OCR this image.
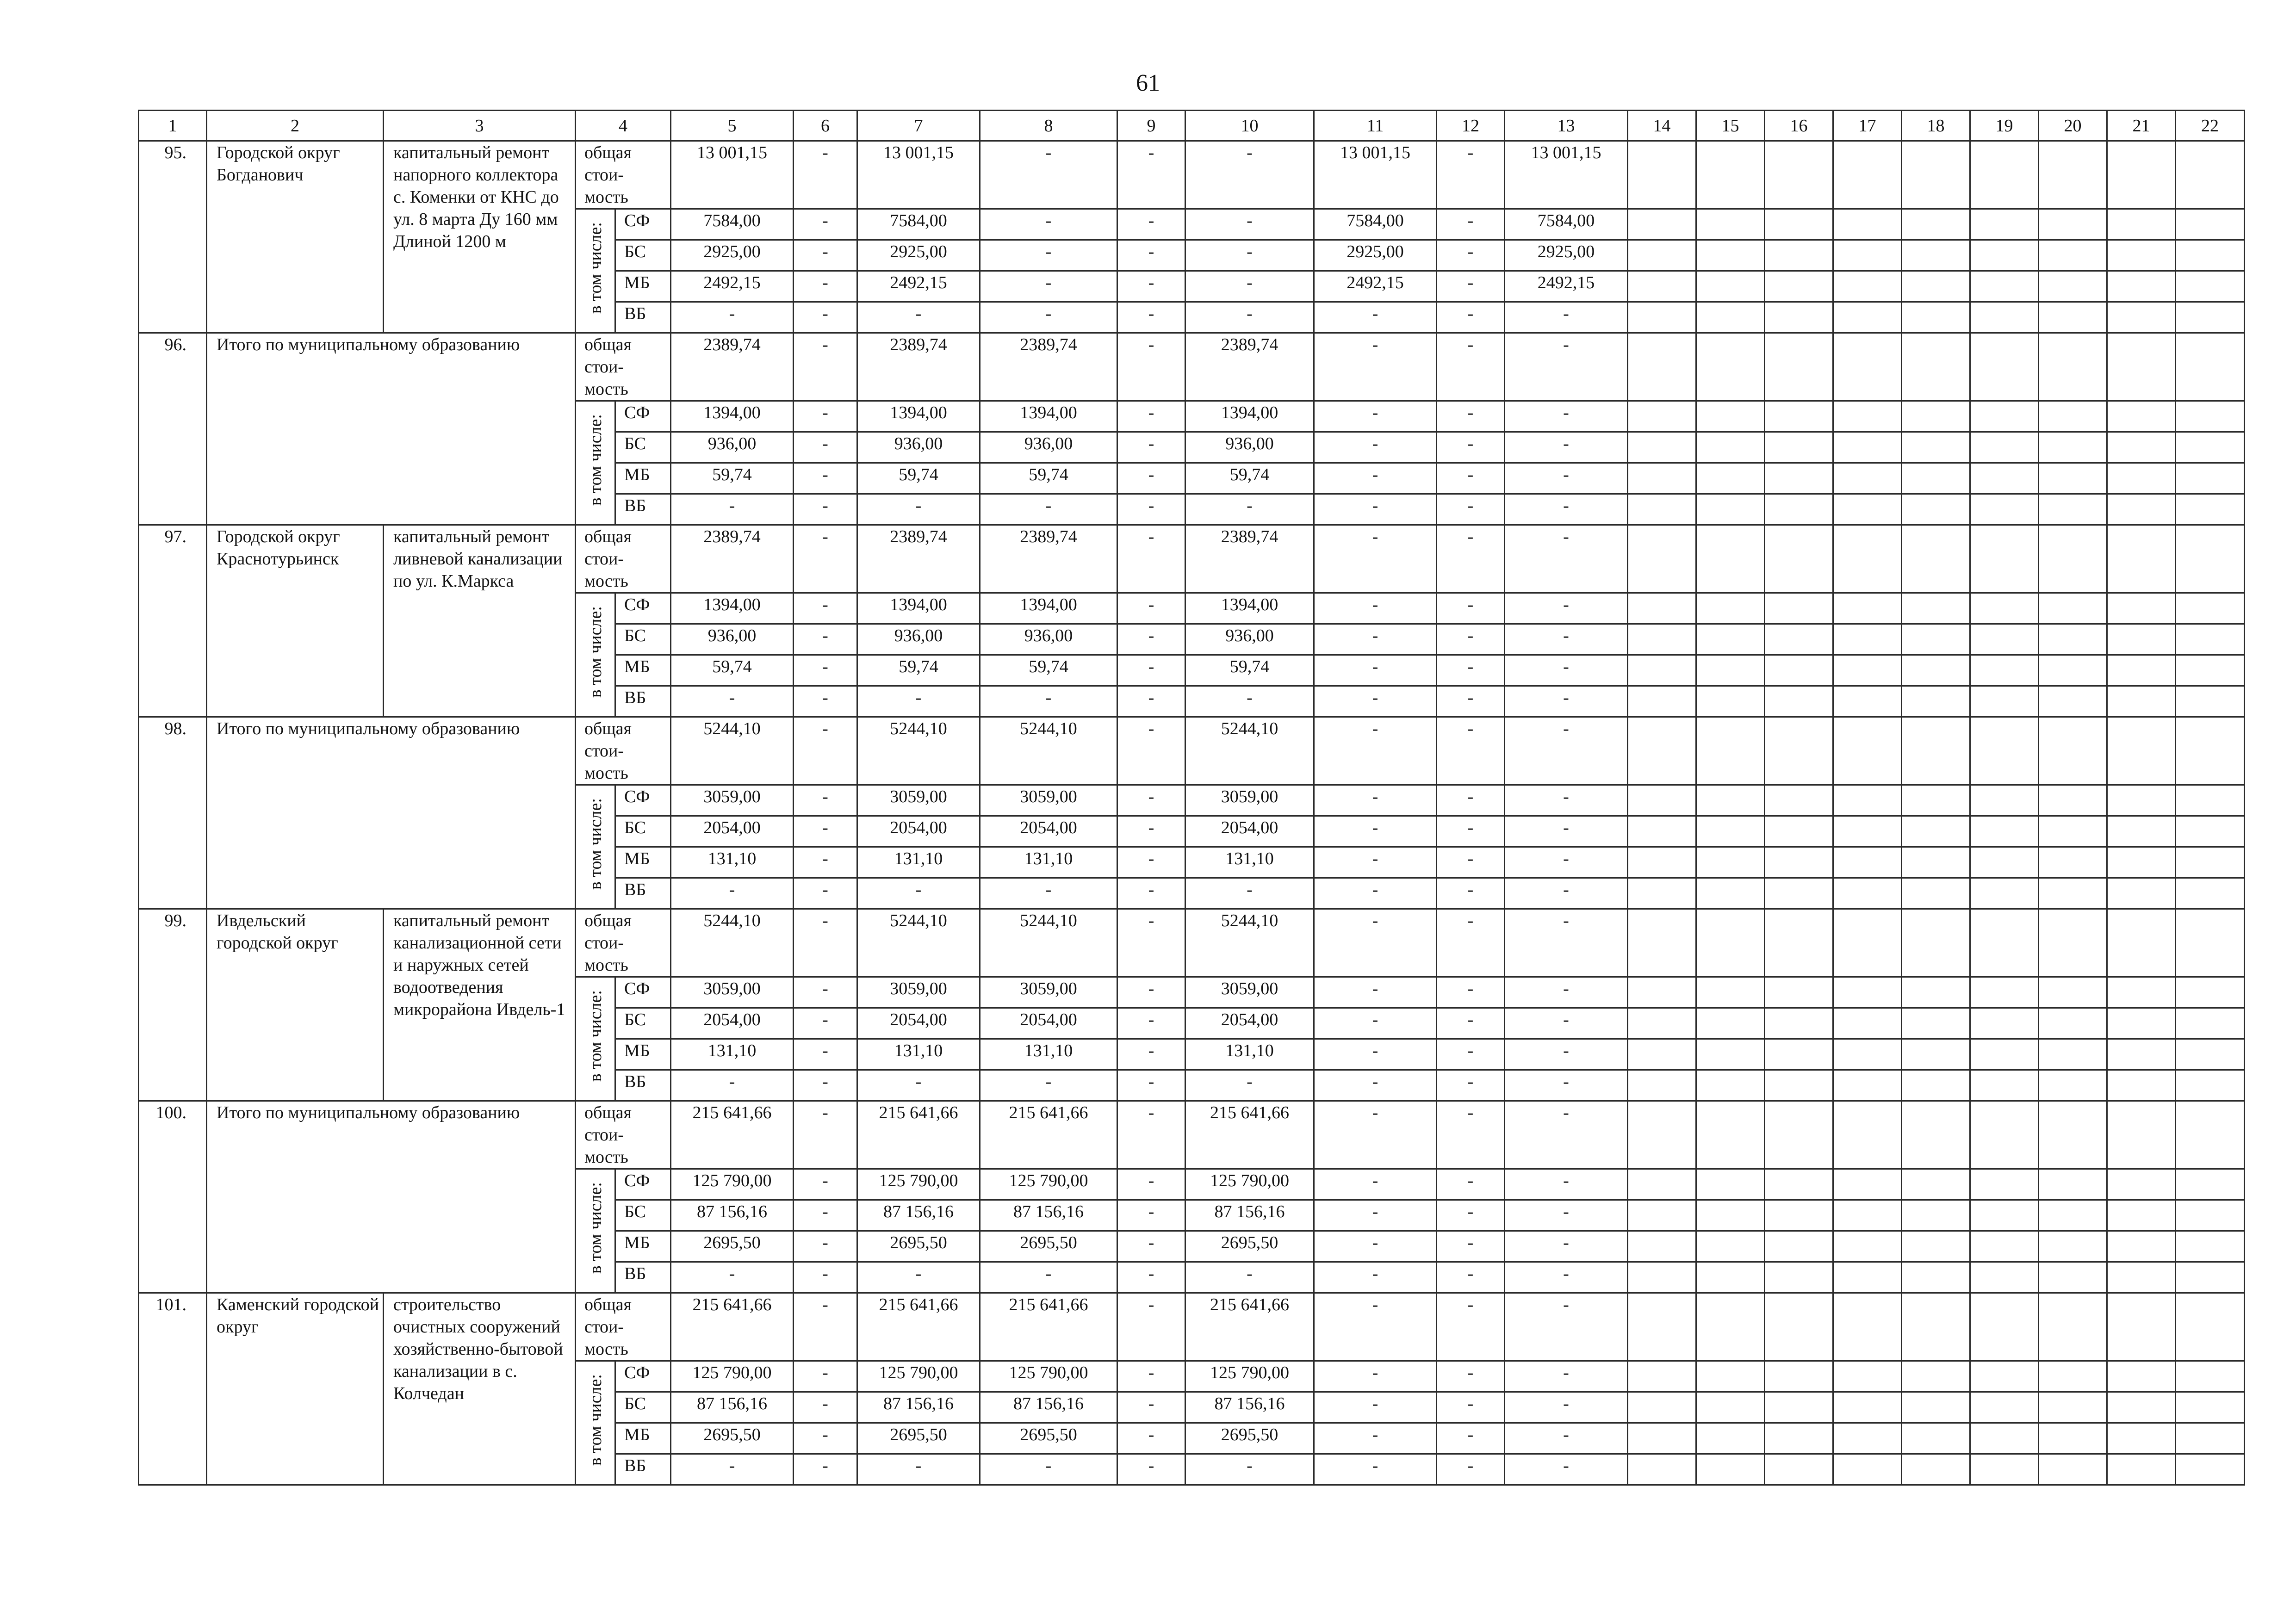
61
1	2	3	4		5	6	7	8	9	10	11	12	13	14	15	16	17	18	19	20	21	22
95.	Городской округ Богданович	капитальный ремонт напорного коллектора с. Коменки от КНС до ул. 8 марта Ду 160 мм Длиной 1200 м	общая стои-мость		13 001,15	-	13 001,15	-	-	-	13 001,15	-	13 001,15									
			в том числе:	СФ	7584,00	-	7584,00	-	-	-	7584,00	-	7584,00									
				БС	2925,00	-	2925,00	-	-	-	2925,00	-	2925,00									
				МБ	2492,15	-	2492,15	-	-	-	2492,15	-	2492,15									
				ВБ	-	-	-	-	-	-	-	-	-									
96.	Итого по муниципальному образованию		общая стои-мость		2389,74	-	2389,74	2389,74	-	2389,74	-	-	-									
			в том числе:	СФ	1394,00	-	1394,00	1394,00	-	1394,00	-	-	-									
				БС	936,00	-	936,00	936,00	-	936,00	-	-	-									
				МБ	59,74	-	59,74	59,74	-	59,74	-	-	-									
				ВБ	-	-	-	-	-	-	-	-	-									
97.	Городской округ Краснотурьинск	капитальный ремонт ливневой канализации по ул. К.Маркса	общая стои-мость		2389,74	-	2389,74	2389,74	-	2389,74	-	-	-									
			в том числе:	СФ	1394,00	-	1394,00	1394,00	-	1394,00	-	-	-									
				БС	936,00	-	936,00	936,00	-	936,00	-	-	-									
				МБ	59,74	-	59,74	59,74	-	59,74	-	-	-									
				ВБ	-	-	-	-	-	-	-	-	-									
98.	Итого по муниципальному образованию		общая стои-мость		5244,10	-	5244,10	5244,10	-	5244,10	-	-	-									
			в том числе:	СФ	3059,00	-	3059,00	3059,00	-	3059,00	-	-	-									
				БС	2054,00	-	2054,00	2054,00	-	2054,00	-	-	-									
				МБ	131,10	-	131,10	131,10	-	131,10	-	-	-									
				ВБ	-	-	-	-	-	-	-	-	-									
99.	Ивдельский городской округ	капитальный ремонт канализационной сети и наружных сетей водоотведения микрорайона Ивдель-1	общая стои-мость		5244,10	-	5244,10	5244,10	-	5244,10	-	-	-									
			в том числе:	СФ	3059,00	-	3059,00	3059,00	-	3059,00	-	-	-									
				БС	2054,00	-	2054,00	2054,00	-	2054,00	-	-	-									
				МБ	131,10	-	131,10	131,10	-	131,10	-	-	-									
				ВБ	-	-	-	-	-	-	-	-	-									
100.	Итого по муниципальному образованию		общая стои-мость		215 641,66	-	215 641,66	215 641,66	-	215 641,66	-	-	-									
			в том числе:	СФ	125 790,00	-	125 790,00	125 790,00	-	125 790,00	-	-	-									
				БС	87 156,16	-	87 156,16	87 156,16	-	87 156,16	-	-	-									
				МБ	2695,50	-	2695,50	2695,50	-	2695,50	-	-	-									
				ВБ	-	-	-	-	-	-	-	-	-									
101.	Каменский городской округ	строительство очистных сооружений хозяйственно-бытовой канализации в с. Колчедан	общая стои-мость		215 641,66	-	215 641,66	215 641,66	-	215 641,66	-	-	-									
			в том числе:	СФ	125 790,00	-	125 790,00	125 790,00	-	125 790,00	-	-	-									
				БС	87 156,16	-	87 156,16	87 156,16	-	87 156,16	-	-	-									
				МБ	2695,50	-	2695,50	2695,50	-	2695,50	-	-	-									
				ВБ	-	-	-	-	-	-	-	-	-									
